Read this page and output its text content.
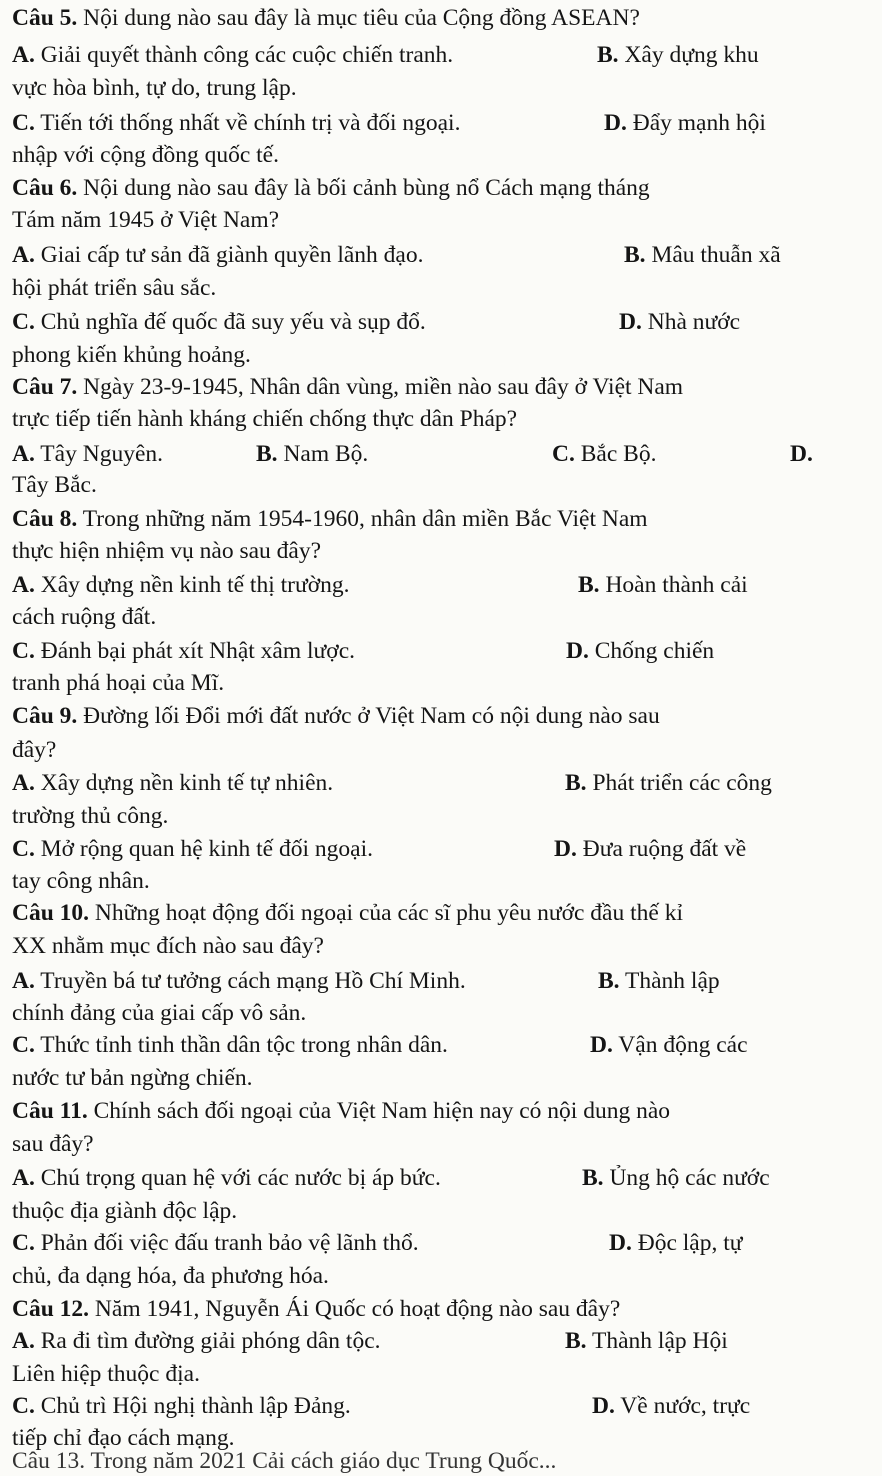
Câu 5. Nội dung nào sau đây là mục tiêu của Cộng đồng ASEAN?
A. Giải quyết thành công các cuộc chiến tranh.	B. Xây dựng khu
vực hòa bình, tự do, trung lập.
C. Tiến tới thống nhất về chính trị và đối ngoại.	D. Đẩy mạnh hội
nhập với cộng đồng quốc tế.
Câu 6. Nội dung nào sau đây là bối cảnh bùng nổ Cách mạng tháng
Tám năm 1945 ở Việt Nam?
A. Giai cấp tư sản đã giành quyền lãnh đạo.	B. Mâu thuẫn xã
hội phát triển sâu sắc.
C. Chủ nghĩa đế quốc đã suy yếu và sụp đổ.	D. Nhà nước
phong kiến khủng hoảng.
Câu 7. Ngày 23-9-1945, Nhân dân vùng, miền nào sau đây ở Việt Nam
trực tiếp tiến hành kháng chiến chống thực dân Pháp?
A. Tây Nguyên.	B. Nam Bộ.	C. Bắc Bộ.	D.
Tây Bắc.
Câu 8. Trong những năm 1954-1960, nhân dân miền Bắc Việt Nam
thực hiện nhiệm vụ nào sau đây?
A. Xây dựng nền kinh tế thị trường.	B. Hoàn thành cải
cách ruộng đất.
C. Đánh bại phát xít Nhật xâm lược.	D. Chống chiến
tranh phá hoại của Mĩ.
Câu 9. Đường lối Đổi mới đất nước ở Việt Nam có nội dung nào sau
đây?
A. Xây dựng nền kinh tế tự nhiên.	B. Phát triển các công
trường thủ công.
C. Mở rộng quan hệ kinh tế đối ngoại.	D. Đưa ruộng đất về
tay công nhân.
Câu 10. Những hoạt động đối ngoại của các sĩ phu yêu nước đầu thế kỉ
XX nhằm mục đích nào sau đây?
A. Truyền bá tư tưởng cách mạng Hồ Chí Minh.	B. Thành lập
chính đảng của giai cấp vô sản.
C. Thức tỉnh tinh thần dân tộc trong nhân dân.	D. Vận động các
nước tư bản ngừng chiến.
Câu 11. Chính sách đối ngoại của Việt Nam hiện nay có nội dung nào
sau đây?
A. Chú trọng quan hệ với các nước bị áp bức.	B. Ủng hộ các nước
thuộc địa giành độc lập.
C. Phản đối việc đấu tranh bảo vệ lãnh thổ.	D. Độc lập, tự
chủ, đa dạng hóa, đa phương hóa.
Câu 12. Năm 1941, Nguyễn Ái Quốc có hoạt động nào sau đây?
A. Ra đi tìm đường giải phóng dân tộc.	B. Thành lập Hội
Liên hiệp thuộc địa.
C. Chủ trì Hội nghị thành lập Đảng.	D. Về nước, trực
tiếp chỉ đạo cách mạng.
Câu 13. Trong năm 2021 Cải cách giáo dục Trung Quốc...
